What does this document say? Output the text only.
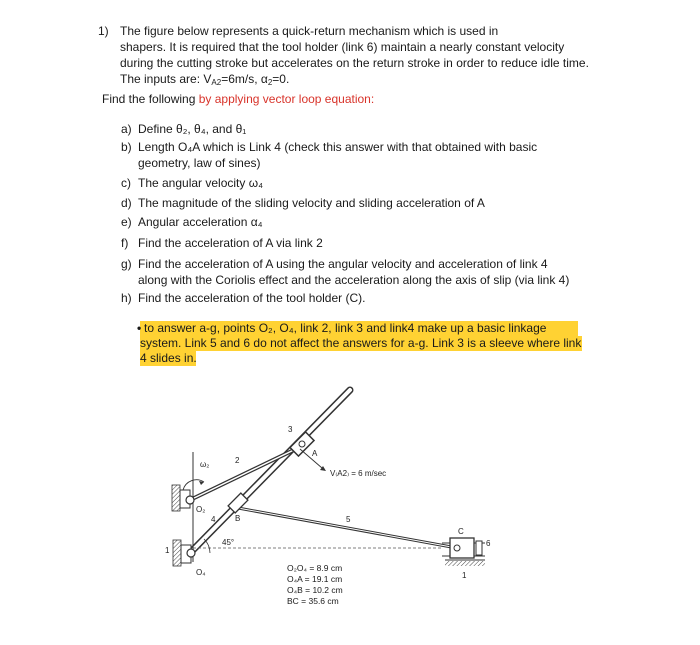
1) The figure below represents a quick-return mechanism which is used in
shapers. It is required that the tool holder (link 6) maintain a nearly constant velocity
during the cutting stroke but accelerates on the return stroke in order to reduce idle time.
The inputs are: $V_{A2}=6m/s$, $\alpha_2=0$.
Find the following by applying vector loop equation:
a) Define θ₂, θ₄, and θ₁
b) Length O₄A which is Link 4 (check this answer with that obtained with basic
geometry, law of sines)
c) The angular velocity ω₄
d) The magnitude of the sliding velocity and sliding acceleration of A
e) Angular acceleration α₄
f) Find the acceleration of A via link 2
g) Find the acceleration of A using the angular velocity and acceleration of link 4
along with the Coriolis effect and the acceleration along the axis of slip (via link 4)
h) Find the acceleration of the tool holder (C).
• to answer a-g, points O₂, O₄, link 2, link 3 and link4 make up a basic linkage
system. Link 5 and 6 do not affect the answers for a-g. Link 3 is a sleeve where link
4 slides in.
3
A
ω₂	2
O₂
B
4
45°
1
O₄
5
C
6
1
V₍A2₎ = 6 m/sec
O₂O₄ = 8.9 cm
O₄A = 19.1 cm
O₄B = 10.2 cm
BC = 35.6 cm
